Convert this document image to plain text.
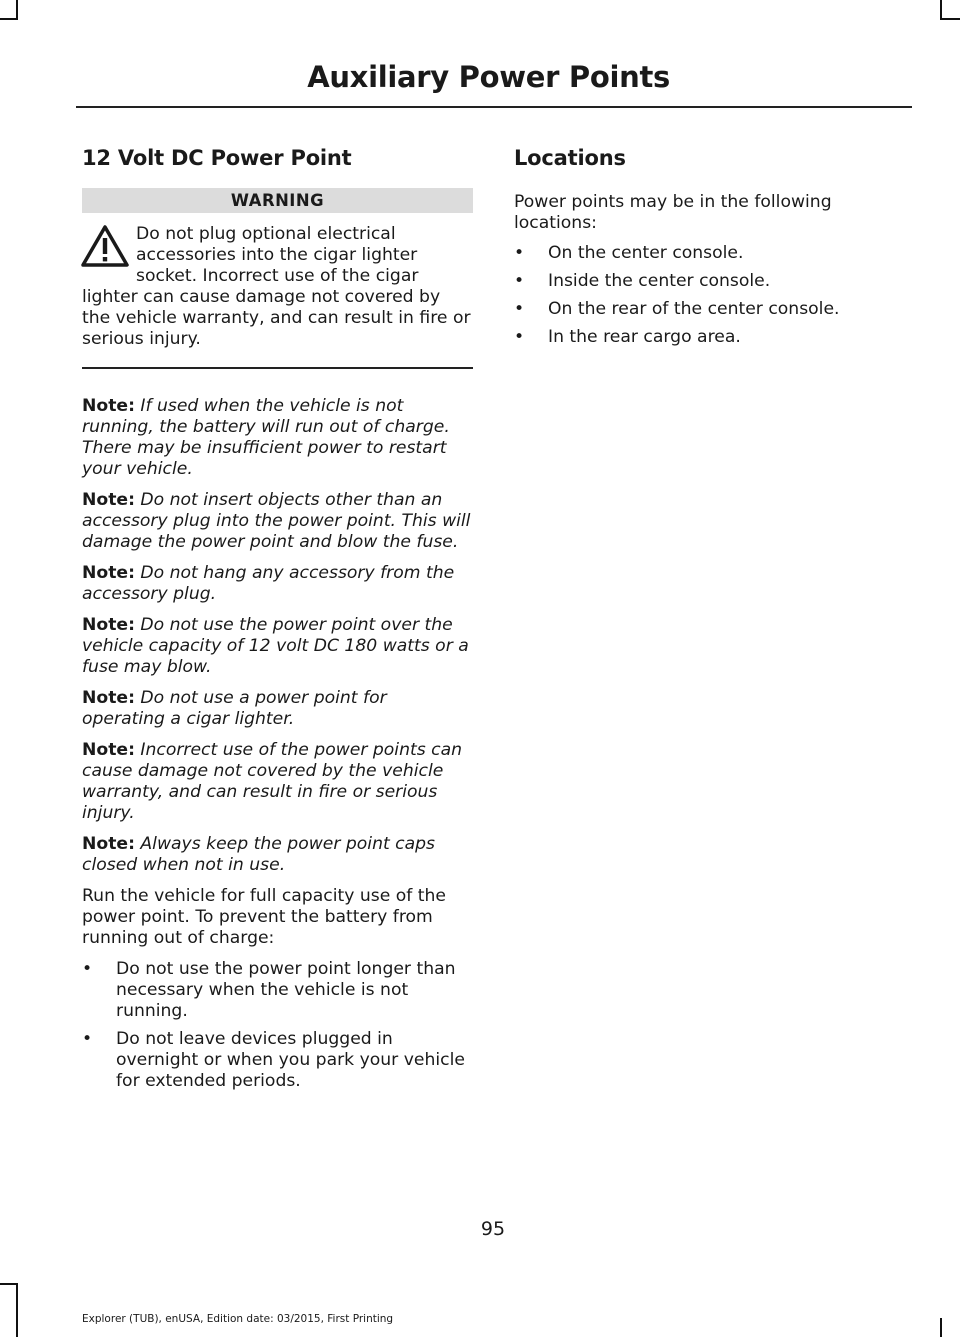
Auxiliary Power Points
12 Volt DC Power Point
WARNING
Do not plug optional electrical accessories into the cigar lighter socket. Incorrect use of the cigar lighter can cause damage not covered by the vehicle warranty, and can result in fire or serious injury.

Note: If used when the vehicle is not running, the battery will run out of charge. There may be insufficient power to restart your vehicle.

Note: Do not insert objects other than an accessory plug into the power point. This will damage the power point and blow the fuse.

Note: Do not hang any accessory from the accessory plug.

Note: Do not use the power point over the vehicle capacity of 12 volt DC 180 watts or a fuse may blow.

Note: Do not use a power point for operating a cigar lighter.

Note: Incorrect use of the power points can cause damage not covered by the vehicle warranty, and can result in fire or serious injury.

Note: Always keep the power point caps closed when not in use.

Run the vehicle for full capacity use of the power point. To prevent the battery from running out of charge:

• Do not use the power point longer than necessary when the vehicle is not running.
• Do not leave devices plugged in overnight or when you park your vehicle for extended periods.
Locations

Power points may be in the following locations:

• On the center console.
• Inside the center console.
• On the rear of the center console.
• In the rear cargo area.
95
Explorer (TUB), enUSA, Edition date: 03/2015, First Printing
